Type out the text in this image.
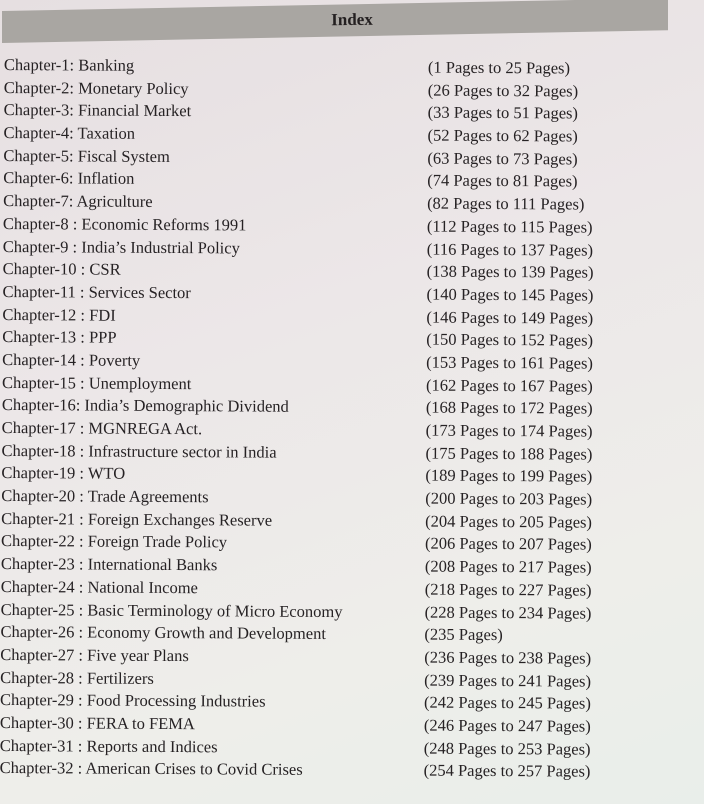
Index
Chapter-1: Banking	(1 Pages to 25 Pages)
Chapter-2: Monetary Policy	(26 Pages to 32 Pages)
Chapter-3: Financial Market	(33 Pages to 51 Pages)
Chapter-4: Taxation	(52 Pages to 62 Pages)
Chapter-5: Fiscal System	(63 Pages to 73 Pages)
Chapter-6: Inflation	(74 Pages to 81 Pages)
Chapter-7: Agriculture	(82 Pages to 111 Pages)
Chapter-8 : Economic Reforms 1991	(112 Pages to 115 Pages)
Chapter-9 : India’s Industrial Policy	(116 Pages to 137 Pages)
Chapter-10 : CSR	(138 Pages to 139 Pages)
Chapter-11 : Services Sector	(140 Pages to 145 Pages)
Chapter-12 : FDI	(146 Pages to 149 Pages)
Chapter-13 : PPP	(150 Pages to 152 Pages)
Chapter-14 : Poverty	(153 Pages to 161 Pages)
Chapter-15 : Unemployment	(162 Pages to 167 Pages)
Chapter-16: India’s Demographic Dividend	(168 Pages to 172 Pages)
Chapter-17 : MGNREGA Act.	(173 Pages to 174 Pages)
Chapter-18 : Infrastructure sector in India	(175 Pages to 188 Pages)
Chapter-19 : WTO	(189 Pages to 199 Pages)
Chapter-20 : Trade Agreements	(200 Pages to 203 Pages)
Chapter-21 : Foreign Exchanges Reserve	(204 Pages to 205 Pages)
Chapter-22 : Foreign Trade Policy	(206 Pages to 207 Pages)
Chapter-23 : International Banks	(208 Pages to 217 Pages)
Chapter-24 : National Income	(218 Pages to 227 Pages)
Chapter-25 : Basic Terminology of Micro Economy	(228 Pages to 234 Pages)
Chapter-26 : Economy Growth and Development	(235 Pages)
Chapter-27 : Five year Plans	(236 Pages to 238 Pages)
Chapter-28 : Fertilizers	(239 Pages to 241 Pages)
Chapter-29 : Food Processing Industries	(242 Pages to 245 Pages)
Chapter-30 : FERA to FEMA	(246 Pages to 247 Pages)
Chapter-31 : Reports and Indices	(248 Pages to 253 Pages)
Chapter-32 : American Crises to Covid Crises	(254 Pages to 257 Pages)
